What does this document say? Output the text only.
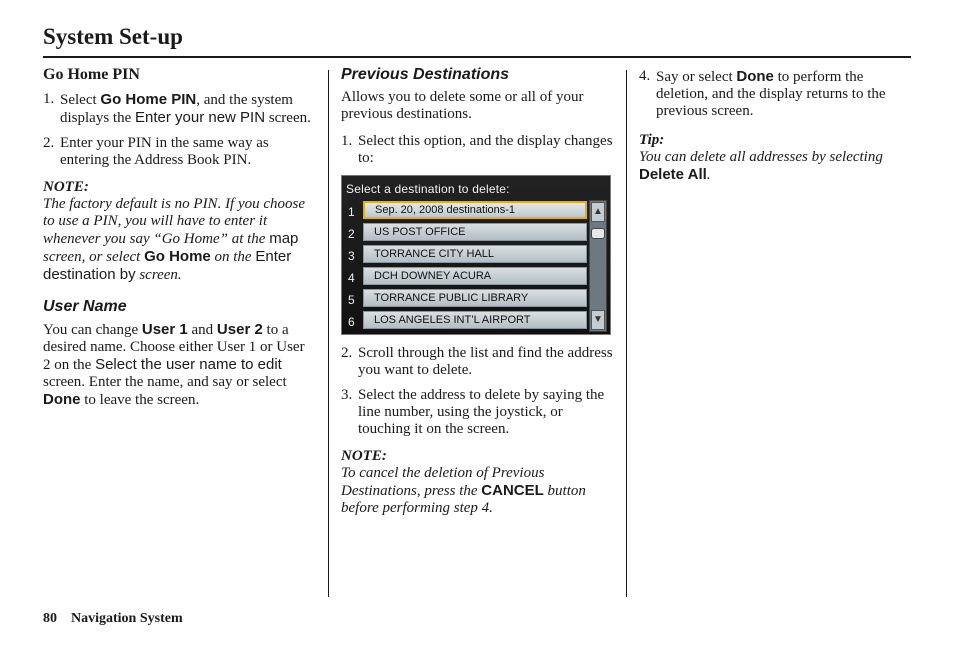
System Set-up
Go Home PIN
1. Select Go Home PIN, and the system displays the Enter your new PIN screen.
2. Enter your PIN in the same way as entering the Address Book PIN.

NOTE:

The factory default is no PIN. If you choose to use a PIN, you will have to enter it whenever you say “Go Home” at the map screen, or select Go Home on the Enter destination by screen.

User Name

You can change User 1 and User 2 to a desired name. Choose either User 1 or User 2 on the Select the user name to edit screen. Enter the name, and say or select Done to leave the screen.

Previous Destinations

Allows you to delete some or all of your previous destinations.

1. Select this option, and the display changes to:
Select a destination to delete:
1	Sep. 20, 2008 destinations-1
2	US POST OFFICE
3	TORRANCE CITY HALL
4	DCH DOWNEY ACURA
5	TORRANCE PUBLIC LIBRARY
6	LOS ANGELES INT’L AIRPORT
▲
▼
2. Scroll through the list and find the address you want to delete.
3. Select the address to delete by saying the line number, using the joystick, or touching it on the screen.

NOTE:

To cancel the deletion of Previous Destinations, press the CANCEL button before performing step 4.

4. Say or select Done to perform the deletion, and the display returns to the previous screen.

Tip:

You can delete all addresses by selecting Delete All.

80 Navigation System
